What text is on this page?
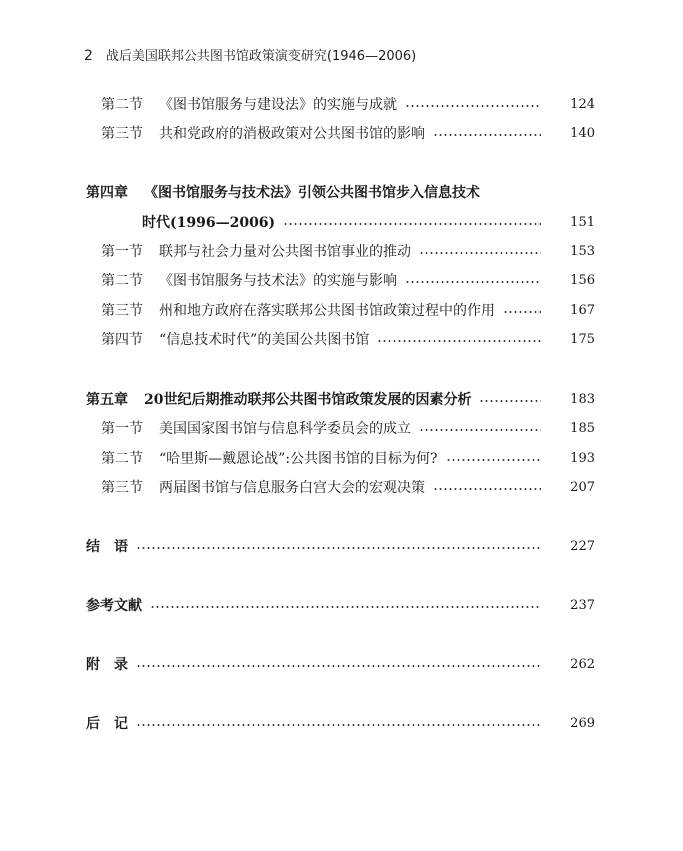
2 战后美国联邦公共图书馆政策演变研究(1946—2006)
第二节	《图书馆服务与建设法》的实施与成就	124
第三节	共和党政府的消极政策对公共图书馆的影响	140
第四章	《图书馆服务与技术法》引领公共图书馆步入信息技术
时代(1996—2006)	151
第一节	联邦与社会力量对公共图书馆事业的推动	153
第二节	《图书馆服务与技术法》的实施与影响	156
第三节	州和地方政府在落实联邦公共图书馆政策过程中的作用	167
第四节	“信息技术时代”的美国公共图书馆	175
第五章	20世纪后期推动联邦公共图书馆政策发展的因素分析	183
第一节	美国国家图书馆与信息科学委员会的成立	185
第二节	“哈里斯—戴恩论战”:公共图书馆的目标为何?	193
第三节	两届图书馆与信息服务白宫大会的宏观决策	207
结　语	227
参考文献	237
附　录	262
后　记	269
